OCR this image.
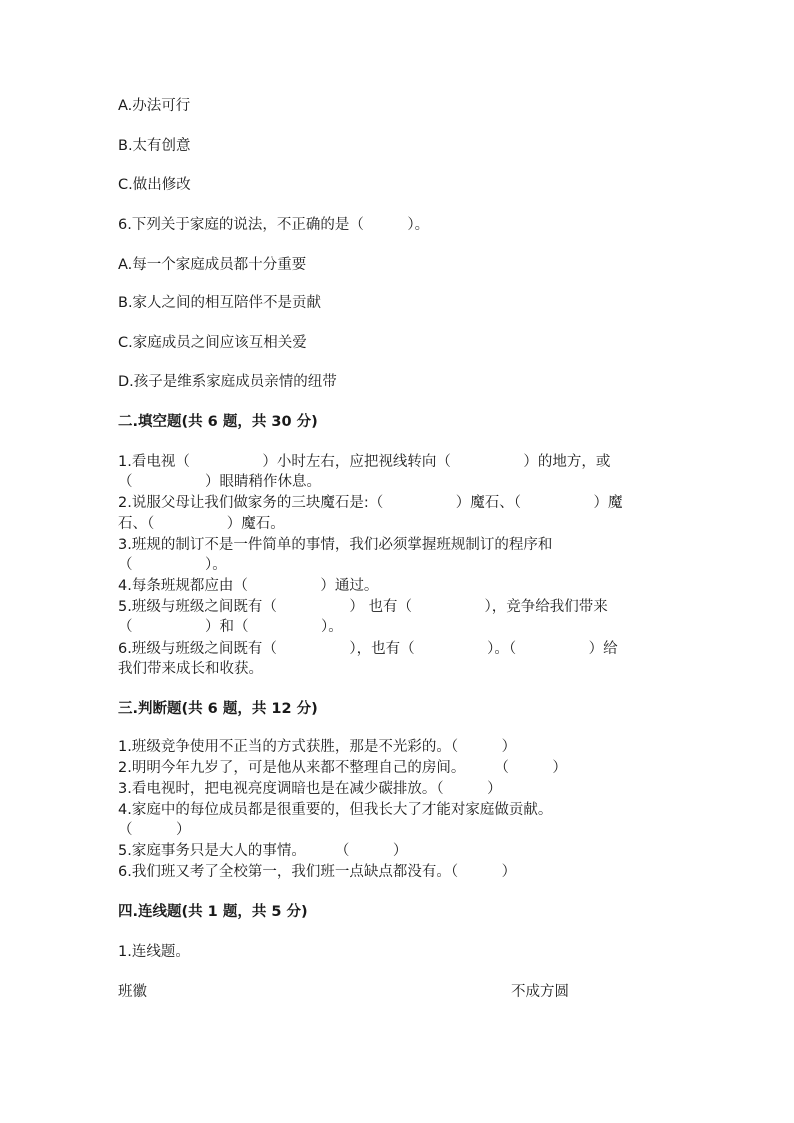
A.办法可行

B.太有创意

C.做出修改

6.下列关于家庭的说法，不正确的是（　　　）。

A.每一个家庭成员都十分重要

B.家人之间的相互陪伴不是贡献

C.家庭成员之间应该互相关爱

D.孩子是维系家庭成员亲情的纽带

二.填空题(共 6 题，共 30 分)

1.看电视（　　　　　）小时左右，应把视线转向（　　　　　）的地方，或

（　　　　　）眼睛稍作休息。

2.说服父母让我们做家务的三块魔石是:（　　　　　）魔石、（　　　　　）魔

石、（　　　　　）魔石。

3.班规的制订不是一件简单的事情，我们必须掌握班规制订的程序和

（　　　　　）。

4.每条班规都应由（　　　　　）通过。

5.班级与班级之间既有（　　　　　） 也有（　　　　　），竞争给我们带来

（　　　　　）和（　　　　　）。

6.班级与班级之间既有（　　　　　），也有（　　　　　）。（　　　　　）给

我们带来成长和收获。

三.判断题(共 6 题，共 12 分)

1.班级竞争使用不正当的方式获胜，那是不光彩的。（　　　）

2.明明今年九岁了，可是他从来都不整理自己的房间。　　　（　　　）

3.看电视时，把电视亮度调暗也是在减少碳排放。（　　　）

4.家庭中的每位成员都是很重要的，但我长大了才能对家庭做贡献。

（　　　）

5.家庭事务只是大人的事情。　　　（　　　）

6.我们班又考了全校第一，我们班一点缺点都没有。（　　　）

四.连线题(共 1 题，共 5 分)

1.连线题。

班徽	不成方圆
